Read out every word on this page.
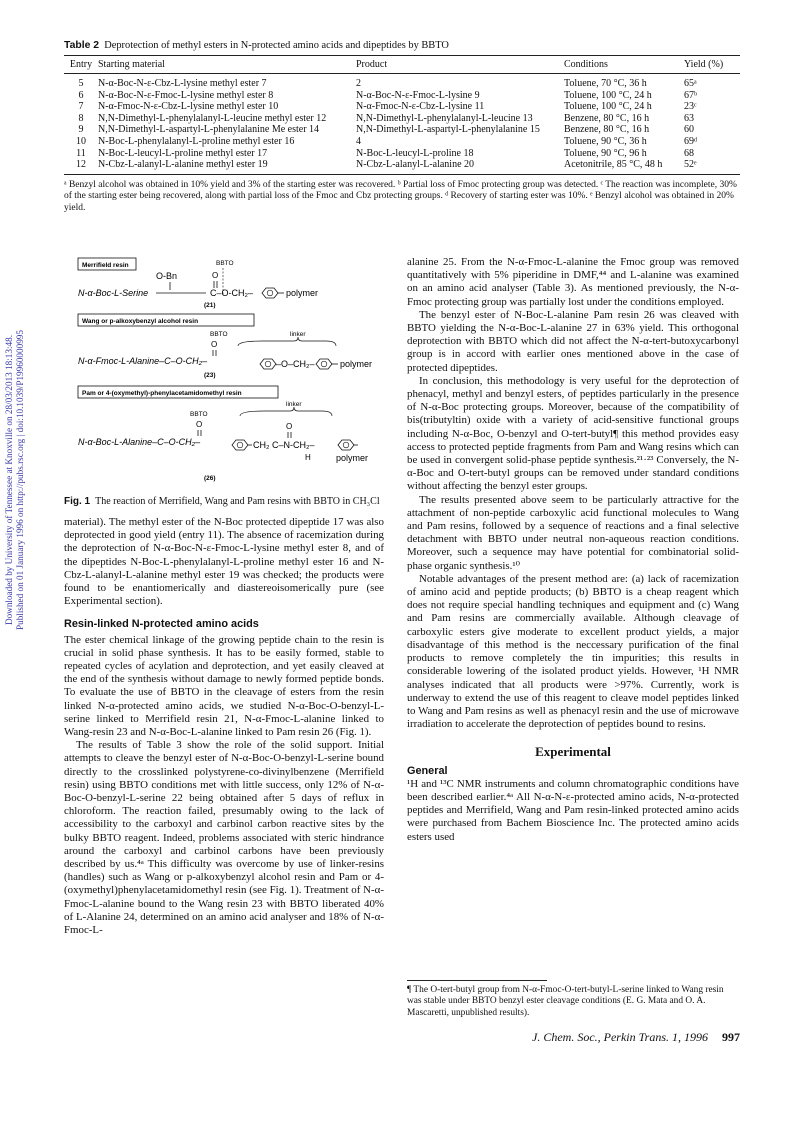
Downloaded by University of Tennessee at Knoxville on 28/03/2013 18:13:48. Published on 01 January 1996 on http://pubs.rsc.org | doi:10.1039/P19960000995
Table 2 Deprotection of methyl esters in N-protected amino acids and dipeptides by BBTO
Entry	Starting material	Product	Conditions	Yield (%)

5	N-α-Boc-N-ε-Cbz-L-lysine methyl ester 7	2	Toluene, 70 °C, 36 h	65ᵃ
6	N-α-Boc-N-ε-Fmoc-L-lysine methyl ester 8	N-α-Boc-N-ε-Fmoc-L-lysine 9	Toluene, 100 °C, 24 h	67ᵇ
7	N-α-Fmoc-N-ε-Cbz-L-lysine methyl ester 10	N-α-Fmoc-N-ε-Cbz-L-lysine 11	Toluene, 100 °C, 24 h	23ᶜ
8	N,N-Dimethyl-L-phenylalanyl-L-leucine methyl ester 12	N,N-Dimethyl-L-phenylalanyl-L-leucine 13	Benzene, 80 °C, 16 h	63
9	N,N-Dimethyl-L-aspartyl-L-phenylalanine Me ester 14	N,N-Dimethyl-L-aspartyl-L-phenylalanine 15	Benzene, 80 °C, 16 h	60
10	N-Boc-L-phenylalanyl-L-proline methyl ester 16	4	Toluene, 90 °C, 36 h	69ᵈ
11	N-Boc-L-leucyl-L-proline methyl ester 17	N-Boc-L-leucyl-L-proline 18	Toluene, 90 °C, 96 h	68
12	N-Cbz-L-alanyl-L-alanine methyl ester 19	N-Cbz-L-alanyl-L-alanine 20	Acetonitrile, 85 °C, 48 h	52ᵉ
ᵃ Benzyl alcohol was obtained in 10% yield and 3% of the starting ester was recovered. ᵇ Partial loss of Fmoc protecting group was detected. ᶜ The reaction was incomplete, 30% of the starting ester being recovered, along with partial loss of the Fmoc and Cbz protecting groups. ᵈ Recovery of starting ester was 10%. ᵉ Benzyl alcohol was obtained in 20% yield.
Merrifield resin	BBTO
O-Bn	O
N-α-Boc-L-Serine	C–O-CH₂–	polymer
(21)
Wang or p-alkoxybenzyl alcohol resin
BBTO	linker
O
N-α-Fmoc-L-Alanine–C–O-CH₂–	–O–CH₂–	polymer
(23)
Pam or 4-(oxymethyl)-phenylacetamidomethyl resin
linker
BBTO
O	O
N-α-Boc-L-Alanine–C–O-CH₂–	CH₂ C–N-CH₂–
H	polymer
(26)
Fig. 1 The reaction of Merrifield, Wang and Pam resins with BBTO in CH₃Cl

material). The methyl ester of the N-Boc protected dipeptide 17 was also deprotected in good yield (entry 11). The absence of racemization during the deprotection of N-α-Boc-N-ε-Fmoc-L-lysine methyl ester 8, and of the dipeptides N-Boc-L-phenylalanyl-L-proline methyl ester 16 and N-Cbz-L-alanyl-L-alanine methyl ester 19 was checked; the products were found to be enantiomerically and diastereoisomerically pure (see Experimental section).

Resin-linked N-protected amino acids

The ester chemical linkage of the growing peptide chain to the resin is crucial in solid phase synthesis. It has to be easily formed, stable to repeated cycles of acylation and deprotection, and yet easily cleaved at the end of the synthesis without damage to newly formed peptide bonds. To evaluate the use of BBTO in the cleavage of esters from the resin linked N-α-protected amino acids, we studied N-α-Boc-O-benzyl-L-serine linked to Merrifield resin 21, N-α-Fmoc-L-alanine linked to Wang-resin 23 and N-α-Boc-L-alanine linked to Pam resin 26 (Fig. 1).

The results of Table 3 show the role of the solid support. Initial attempts to cleave the benzyl ester of N-α-Boc-O-benzyl-L-serine bound directly to the crosslinked polystyrene-co-divinylbenzene (Merrifield resin) using BBTO conditions met with little success, only 12% of N-α-Boc-O-benzyl-L-serine 22 being obtained after 5 days of reflux in chloroform. The reaction failed, presumably owing to the lack of accessibility to the carboxyl and carbinol carbon reactive sites by the bulky BBTO reagent. Indeed, problems associated with steric hindrance around the carboxyl and carbinol carbons have been previously described by us.⁴ᵃ This difficulty was overcome by use of linker-resins (handles) such as Wang or p-alkoxybenzyl alcohol resin and Pam or 4-(oxymethyl)phenylacetamidomethyl resin (see Fig. 1). Treatment of N-α-Fmoc-L-alanine bound to the Wang resin 23 with BBTO liberated 40% of L-Alanine 24, determined on an amino acid analyser and 18% of N-α-Fmoc-L-

alanine 25. From the N-α-Fmoc-L-alanine the Fmoc group was removed quantitatively with 5% piperidine in DMF,⁴⁴ and L-alanine was examined on an amino acid analyser (Table 3). As mentioned previously, the N-α-Fmoc protecting group was partially lost under the conditions employed.

The benzyl ester of N-Boc-L-alanine Pam resin 26 was cleaved with BBTO yielding the N-α-Boc-L-alanine 27 in 63% yield. This orthogonal deprotection with BBTO which did not affect the N-α-tert-butoxycarbonyl group is in accord with earlier ones mentioned above in the case of protected dipeptides.

In conclusion, this methodology is very useful for the deprotection of phenacyl, methyl and benzyl esters, of peptides particularly in the presence of N-α-Boc protecting groups. Moreover, because of the compatibility of bis(tributyltin) oxide with a variety of acid-sensitive functional groups including N-α-Boc, O-benzyl and O-tert-butyl¶ this method provides easy access to protected peptide fragments from Pam and Wang resins which can be used in convergent solid-phase peptide synthesis.²¹·²³ Conversely, the N-α-Boc and O-tert-butyl groups can be removed under standard conditions without affecting the benzyl ester groups.

The results presented above seem to be particularly attractive for the attachment of non-peptide carboxylic acid functional molecules to Wang and Pam resins, followed by a sequence of reactions and a final selective detachment with BBTO under neutral non-aqueous reaction conditions. Moreover, such a sequence may have potential for combinatorial solid-phase organic synthesis.¹⁰

Notable advantages of the present method are: (a) lack of racemization of amino acid and peptide products; (b) BBTO is a cheap reagent which does not require special handling techniques and equipment and (c) Wang and Pam resins are commercially available. Although cleavage of carboxylic esters give moderate to excellent product yields, a major disadvantage of this method is the neccessary purification of the final products to remove completely the tin impurities; this results in considerable lowering of the isolated product yields. However, ¹H NMR analyses indicated that all products were >97%. Currently, work is underway to extend the use of this reagent to cleave model peptides linked to Wang and Pam resins as well as phenacyl resin and the use of microwave irradiation to accelerate the deprotection of peptides bound to resins.

Experimental
General

¹H and ¹³C NMR instruments and column chromatographic conditions have been described earlier.⁴ᵃ All N-α-N-ε-protected amino acids, N-α-protected peptides and Merrifield, Wang and Pam resin-linked protected amino acids were purchased from Bachem Bioscience Inc. The protected amino acids esters used

¶ The O-tert-butyl group from N-α-Fmoc-O-tert-butyl-L-serine linked to Wang resin was stable under BBTO benzyl ester cleavage conditions (E. G. Mata and O. A. Mascaretti, unpublished results).
J. Chem. Soc., Perkin Trans. 1, 1996 997
